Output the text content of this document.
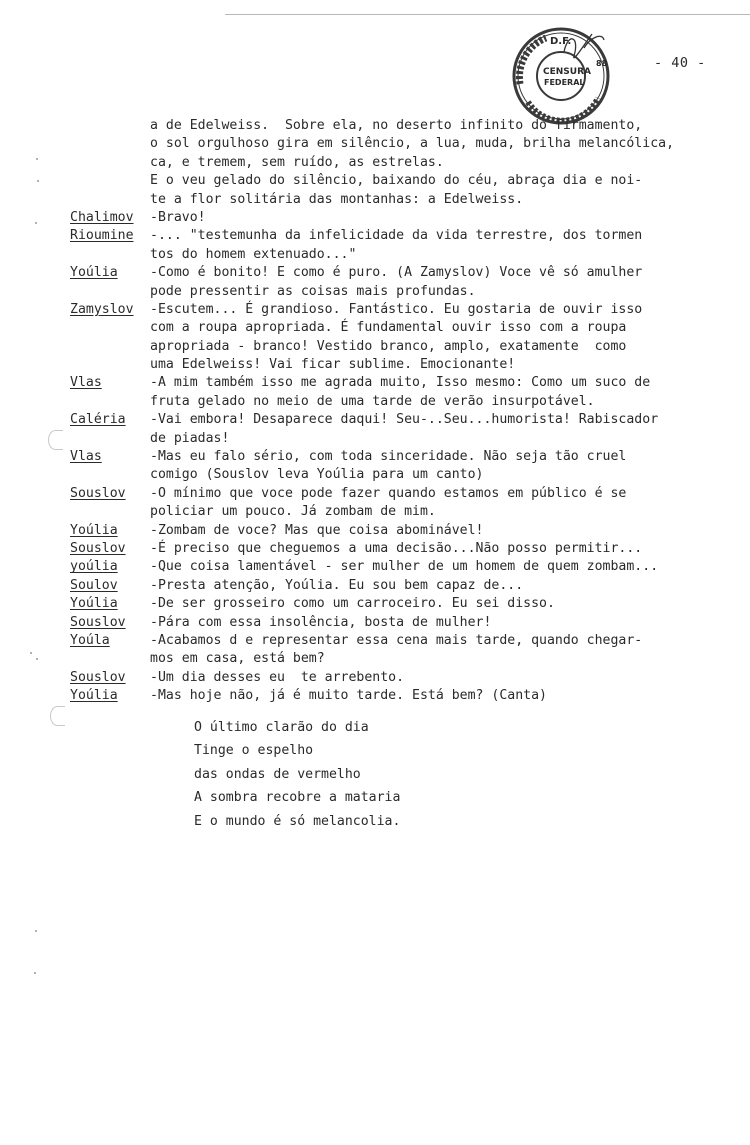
D.F.
CENSURA
FEDERAL
88	- 40 -
a de Edelweiss.  Sobre ela, no deserto infinito do firmamento,
o sol orgulhoso gira em silêncio, a lua, muda, brilha melancólica,
ca, e tremem, sem ruído, as estrelas.
E o veu gelado do silêncio, baixando do céu, abraça dia e noi-
te a flor solitária das montanhas: a Edelweiss.
Chalimov	-Bravo!
Rioumine	-... "testemunha da infelicidade da vida terrestre, dos tormen
tos do homem extenuado..."
Yoúlia	-Como é bonito! E como é puro. (A Zamyslov) Voce vê só amulher
pode pressentir as coisas mais profundas.
Zamyslov	-Escutem... É grandioso. Fantástico. Eu gostaria de ouvir isso
com a roupa apropriada. É fundamental ouvir isso com a roupa
apropriada - branco! Vestido branco, amplo, exatamente  como
uma Edelweiss! Vai ficar sublime. Emocionante!
Vlas	-A mim também isso me agrada muito, Isso mesmo: Como um suco de
fruta gelado no meio de uma tarde de verão insurpotável.
Caléria	-Vai embora! Desaparece daqui! Seu-..Seu...humorista! Rabiscador
de piadas!
Vlas	-Mas eu falo sério, com toda sinceridade. Não seja tão cruel
comigo (Souslov leva Yoúlia para um canto)
Souslov	-O mínimo que voce pode fazer quando estamos em público é se
policiar um pouco. Já zombam de mim.
Yoúlia	-Zombam de voce? Mas que coisa abominável!
Souslov	-É preciso que cheguemos a uma decisão...Não posso permitir...
yoúlia	-Que coisa lamentável - ser mulher de um homem de quem zombam...
Soulov	-Presta atenção, Yoúlia. Eu sou bem capaz de...
Yoúlia	-De ser grosseiro como um carroceiro. Eu sei disso.
Souslov	-Pára com essa insolência, bosta de mulher!
Yoúla	-Acabamos d e representar essa cena mais tarde, quando chegar-
mos em casa, está bem?
Souslov	-Um dia desses eu  te arrebento.
Yoúlia	-Mas hoje não, já é muito tarde. Está bem? (Canta)
O último clarão do dia
Tinge o espelho
das ondas de vermelho
A sombra recobre a mataria
E o mundo é só melancolia.
